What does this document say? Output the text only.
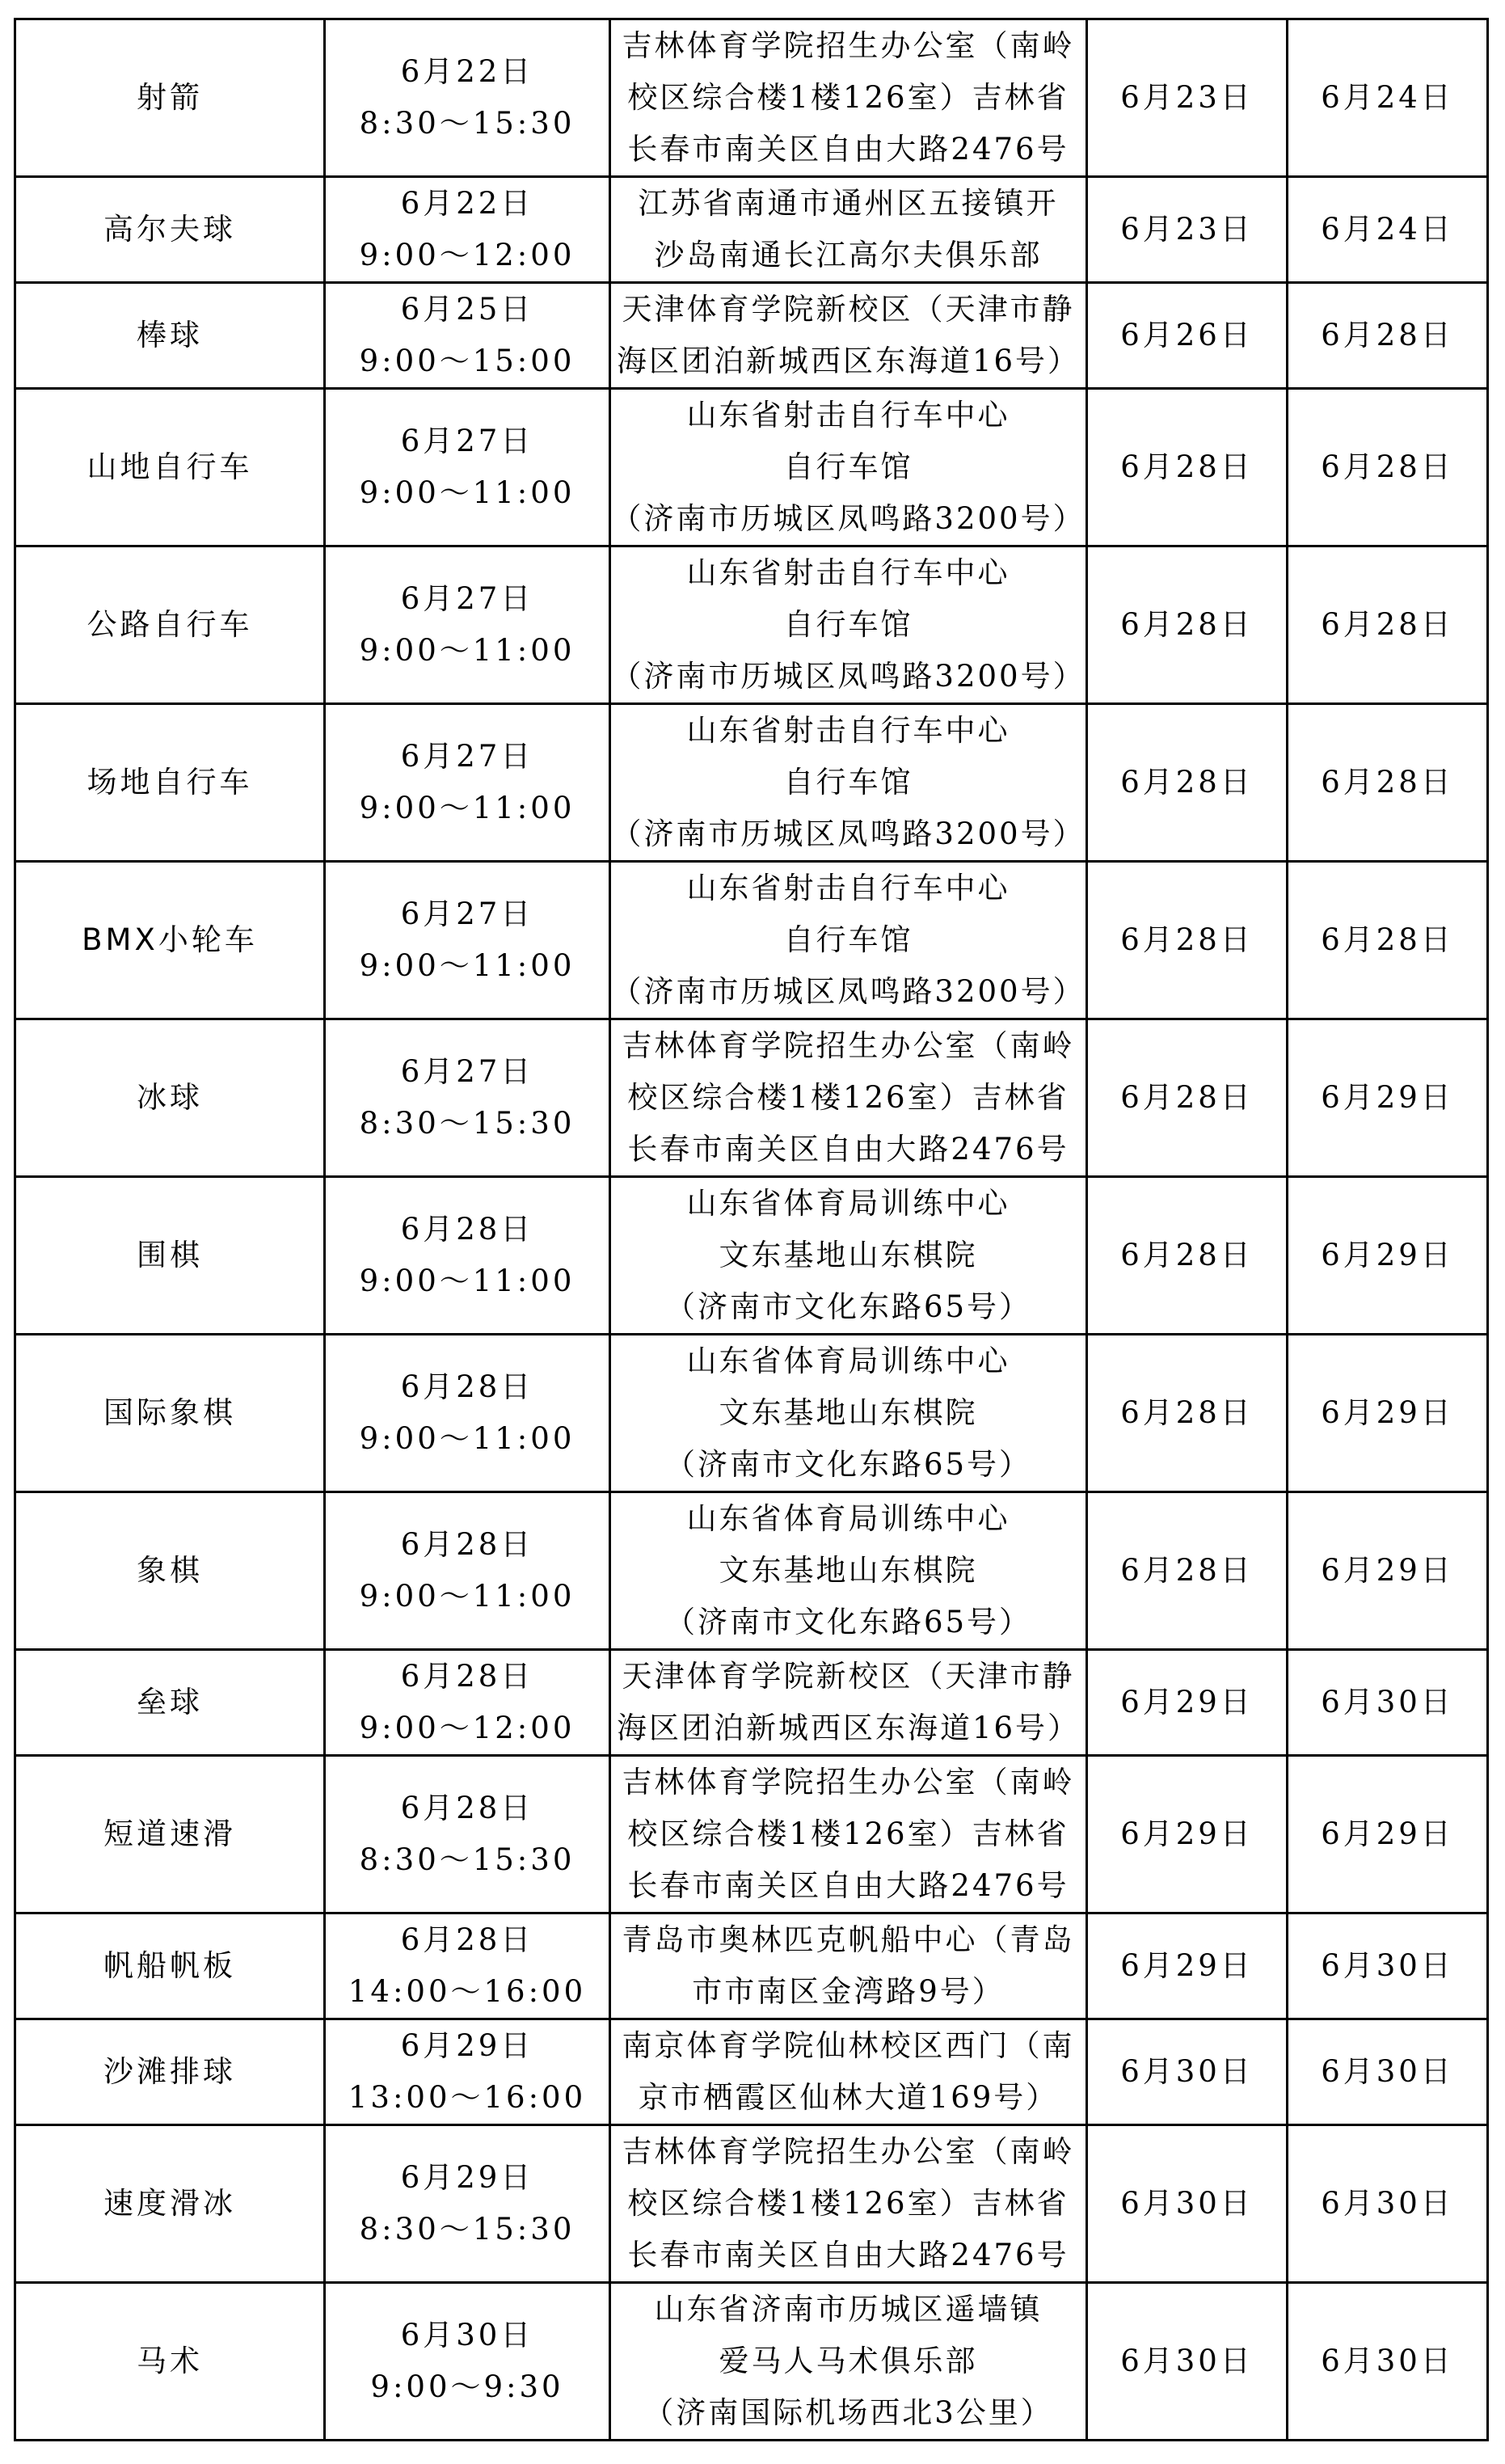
射箭	6月22日
8:30～15:30	吉林体育学院招生办公室（南岭
校区综合楼1楼126室）吉林省
长春市南关区自由大路2476号	6月23日	6月24日

高尔夫球	6月22日
9:00～12:00	江苏省南通市通州区五接镇开
沙岛南通长江高尔夫俱乐部	6月23日	6月24日

棒球	6月25日
9:00～15:00	天津体育学院新校区（天津市静
海区团泊新城西区东海道16号）	6月26日	6月28日

山地自行车	6月27日
9:00～11:00	山东省射击自行车中心
自行车馆
（济南市历城区凤鸣路3200号）	6月28日	6月28日

公路自行车	6月27日
9:00～11:00	山东省射击自行车中心
自行车馆
（济南市历城区凤鸣路3200号）	6月28日	6月28日

场地自行车	6月27日
9:00～11:00	山东省射击自行车中心
自行车馆
（济南市历城区凤鸣路3200号）	6月28日	6月28日

BMX小轮车	6月27日
9:00～11:00	山东省射击自行车中心
自行车馆
（济南市历城区凤鸣路3200号）	6月28日	6月28日

冰球	6月27日
8:30～15:30	吉林体育学院招生办公室（南岭
校区综合楼1楼126室）吉林省
长春市南关区自由大路2476号	6月28日	6月29日

围棋	6月28日
9:00～11:00	山东省体育局训练中心
文东基地山东棋院
（济南市文化东路65号）	6月28日	6月29日

国际象棋	6月28日
9:00～11:00	山东省体育局训练中心
文东基地山东棋院
（济南市文化东路65号）	6月28日	6月29日

象棋	6月28日
9:00～11:00	山东省体育局训练中心
文东基地山东棋院
（济南市文化东路65号）	6月28日	6月29日

垒球	6月28日
9:00～12:00	天津体育学院新校区（天津市静
海区团泊新城西区东海道16号）	6月29日	6月30日

短道速滑	6月28日
8:30～15:30	吉林体育学院招生办公室（南岭
校区综合楼1楼126室）吉林省
长春市南关区自由大路2476号	6月29日	6月29日

帆船帆板	6月28日
14:00～16:00	青岛市奥林匹克帆船中心（青岛
市市南区金湾路9号）	6月29日	6月30日

沙滩排球	6月29日
13:00～16:00	南京体育学院仙林校区西门（南
京市栖霞区仙林大道169号）	6月30日	6月30日

速度滑冰	6月29日
8:30～15:30	吉林体育学院招生办公室（南岭
校区综合楼1楼126室）吉林省
长春市南关区自由大路2476号	6月30日	6月30日

马术	6月30日
9:00～9:30	山东省济南市历城区遥墙镇
爱马人马术俱乐部
（济南国际机场西北3公里）	6月30日	6月30日
